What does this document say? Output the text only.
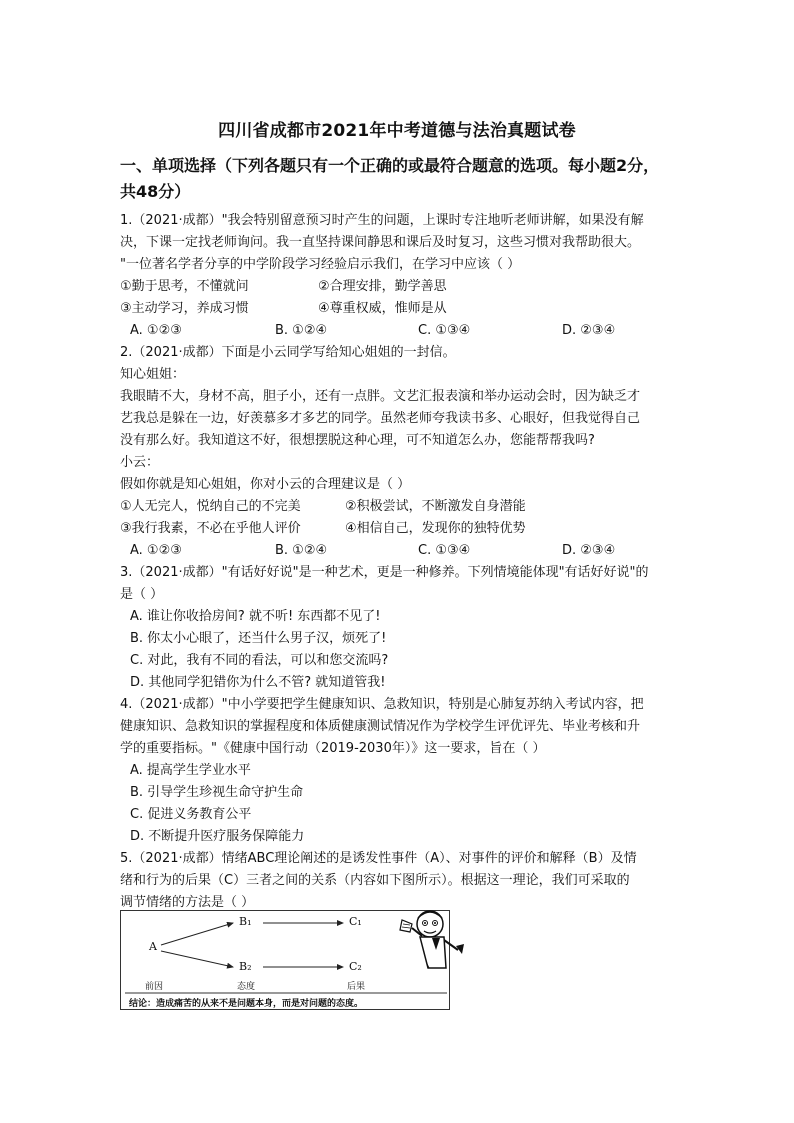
四川省成都市2021年中考道德与法治真题试卷
一、单项选择（下列各题只有一个正确的或最符合题意的选项。每小题2分，
共48分）
1.（2021·成都）"我会特别留意预习时产生的问题，上课时专注地听老师讲解，如果没有解
决，下课一定找老师询问。我一直坚持课间静思和课后及时复习，这些习惯对我帮助很大。
"一位著名学者分享的中学阶段学习经验启示我们，在学习中应该（ ）
①勤于思考，不懂就问	②合理安排，勤学善思
③主动学习，养成习惯	④尊重权威，惟师是从
A. ①②③	B. ①②④	C. ①③④	D. ②③④
2.（2021·成都）下面是小云同学写给知心姐姐的一封信。
知心姐姐：
我眼睛不大，身材不高，胆子小，还有一点胖。文艺汇报表演和举办运动会时，因为缺乏才
艺我总是躲在一边，好羡慕多才多艺的同学。虽然老师夸我读书多、心眼好，但我觉得自己
没有那么好。我知道这不好，很想摆脱这种心理，可不知道怎么办，您能帮帮我吗?
小云：
假如你就是知心姐姐，你对小云的合理建议是（ ）
①人无完人，悦纳自己的不完美	②积极尝试，不断激发自身潜能
③我行我素，不必在乎他人评价	④相信自己，发现你的独特优势
A. ①②③	B. ①②④	C. ①③④	D. ②③④
3.（2021·成都）"有话好好说"是一种艺术，更是一种修养。下列情境能体现"有话好好说"的
是（ ）
A. 谁让你收拾房间? 就不听! 东西都不见了!
B. 你太小心眼了，还当什么男子汉，烦死了!
C. 对此，我有不同的看法，可以和您交流吗?
D. 其他同学犯错你为什么不管? 就知道管我!
4.（2021·成都）"中小学要把学生健康知识、急救知识，特别是心肺复苏纳入考试内容，把
健康知识、急救知识的掌握程度和体质健康测试情况作为学校学生评优评先、毕业考核和升
学的重要指标。"《健康中国行动（2019-2030年）》这一要求，旨在（ ）
A. 提高学生学业水平
B. 引导学生珍视生命守护生命
C. 促进义务教育公平
D. 不断提升医疗服务保障能力
5.（2021·成都）情绪ABC理论阐述的是诱发性事件（A）、对事件的评价和解释（B）及情
绪和行为的后果（C）三者之间的关系（内容如下图所示）。根据这一理论，我们可采取的
调节情绪的方法是（ ）
A
B₁
B₂
C₁
C₂
前因	态度	后果
结论：造成痛苦的从来不是问题本身，而是对问题的态度。
